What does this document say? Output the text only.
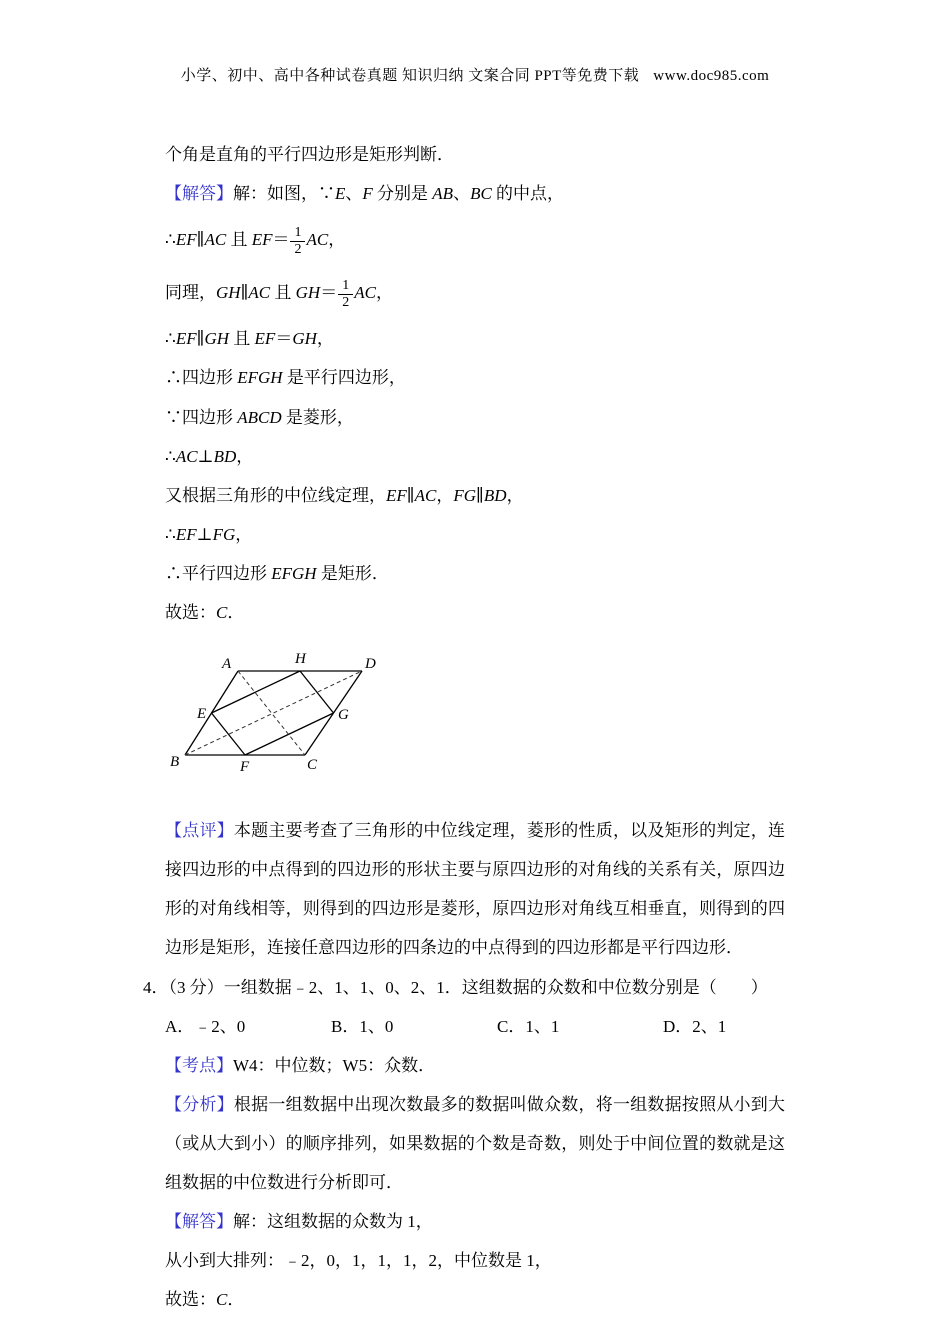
小学、初中、高中各种试卷真题 知识归纳 文案合同 PPT等免费下载 www.doc985.com
个角是直角的平行四边形是矩形判断．
【解答】解：如图，∵E、F 分别是 AB、BC 的中点，
∴EF∥AC 且 $EF= \frac{1}{2}$ AC，
同理，GH∥AC 且 $GH= \frac{1}{2}$ AC，
∴EF∥GH 且 EF＝GH，
∴四边形 EFGH 是平行四边形，
∵四边形 ABCD 是菱形，
∴AC⊥BD，
又根据三角形的中位线定理，EF∥AC，FG∥BD，
∴EF⊥FG，
∴平行四边形 EFGH 是矩形．
故选：C．
A	H	D
E	G
B	F	C
【点评】本题主要考查了三角形的中位线定理，菱形的性质，以及矩形的判定，连接四边形的中点得到的四边形的形状主要与原四边形的对角线的关系有关，原四边形的对角线相等，则得到的四边形是菱形，原四边形对角线互相垂直，则得到的四边形是矩形，连接任意四边形的四条边的中点得到的四边形都是平行四边形．
4．（3 分）一组数据﹣2、1、1、0、2、1．这组数据的众数和中位数分别是（　　）
A．﹣2、0	B．1、0	C．1、1	D．2、1
【考点】W4：中位数；W5：众数．
【分析】根据一组数据中出现次数最多的数据叫做众数，将一组数据按照从小到大（或从大到小）的顺序排列，如果数据的个数是奇数，则处于中间位置的数就是这组数据的中位数进行分析即可．
【解答】解：这组数据的众数为 1，
从小到大排列：﹣2，0，1，1，1，2，中位数是 1，
故选：C．
